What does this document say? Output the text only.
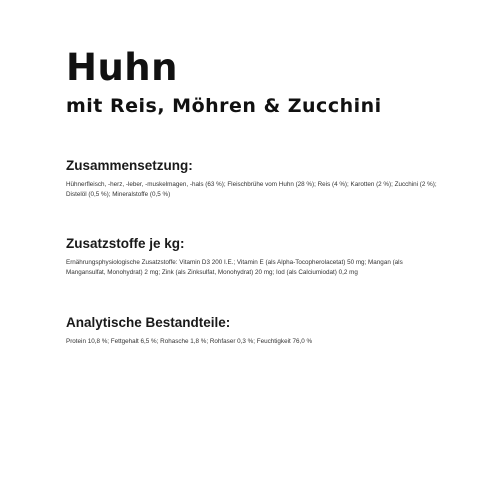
Huhn
mit Reis, Möhren & Zucchini
Zusammensetzung:

Hühnerfleisch, -herz, -leber, -muskelmagen, -hals (63 %); Fleischbrühe vom Huhn (28 %); Reis (4 %); Karotten (2 %); Zucchini (2 %); Distelöl (0,5 %); Mineralstoffe (0,5 %)

Zusatzstoffe je kg:

Ernährungsphysiologische Zusatzstoffe: Vitamin D3 200 I.E.; Vitamin E (als Alpha-Tocopherolacetat) 50 mg; Mangan (als Mangansulfat, Monohydrat) 2 mg; Zink (als Zinksulfat, Monohydrat) 20 mg; Iod (als Calciumiodat) 0,2 mg

Analytische Bestandteile:

Protein 10,8 %; Fettgehalt 6,5 %; Rohasche 1,8 %; Rohfaser 0,3 %; Feuchtigkeit 76,0 %
